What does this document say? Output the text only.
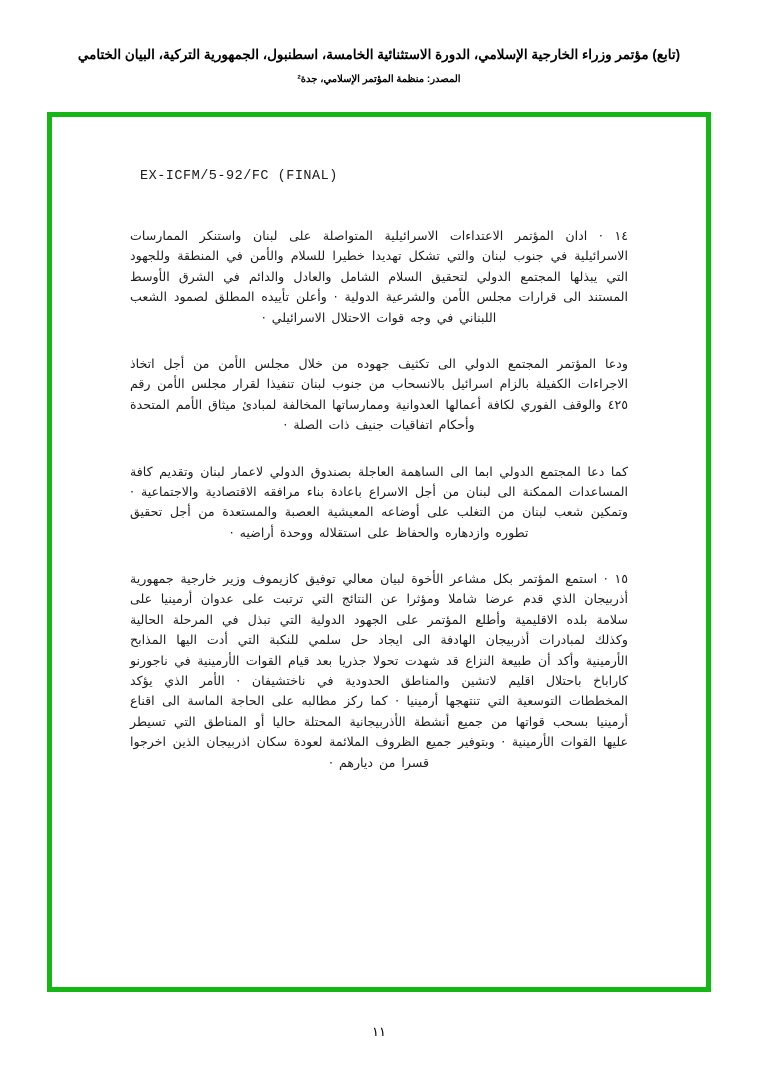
(تابع) مؤتمر وزراء الخارجية الإسلامي، الدورة الاستثنائية الخامسة، اسطنبول، الجمهورية التركية، البيان الختامي
المصدر: منظمة المؤتمر الإسلامي، جدة²
EX-ICFM/5-92/FC (FINAL)

١٤ · ادان المؤتمر الاعتداءات الاسرائيلية المتواصلة على لبنان واستنكر الممارسات الاسرائيلية في جنوب لبنان والتي تشكل تهديدا خطيرا للسلام والأمن في المنطقة وللجهود التي يبذلها المجتمع الدولي لتحقيق السلام الشامل والعادل والدائم في الشرق الأوسط المستند الى قرارات مجلس الأمن والشرعية الدولية · وأعلن تأييده المطلق لصمود الشعب اللبناني في وجه قوات الاحتلال الاسرائيلي ·

ودعا المؤتمر المجتمع الدولي الى تكثيف جهوده من خلال مجلس الأمن من أجل اتخاذ الاجراءات الكفيلة بالزام اسرائيل بالانسحاب من جنوب لبنان تنفيذا لقرار مجلس الأمن رقم ٤٢٥ والوقف الفوري لكافة أعمالها العدوانية وممارساتها المخالفة لمبادئ ميثاق الأمم المتحدة وأحكام اتفاقيات جنيف ذات الصلة ·

كما دعا المجتمع الدولي ابما الى الساهمة العاجلة بصندوق الدولي لاعمار لبنان وتقديم كافة المساعدات الممكنة الى لبنان من أجل الاسراع باعادة بناء مرافقه الاقتصادية والاجتماعية · وتمكين شعب لبنان من التغلب على أوضاعه المعيشية العصبة والمستعدة من أجل تحقيق تطوره وازدهاره والحفاظ على استقلاله ووحدة أراضيه ·

١٥ · استمع المؤتمر بكل مشاعر الأخوة لبيان معالي توفيق كازيموف وزير خارجية جمهورية أذربيجان الذي قدم عرضا شاملا ومؤثرا عن النتائج التي ترتبت على عدوان أرمينيا على سلامة بلده الاقليمية وأطلع المؤتمر على الجهود الدولية التي تبذل في المرحلة الحالية وكذلك لمبادرات أذربيجان الهادفة الى ايجاد حل سلمي للنكبة التي أدت اليها المذابح الأرمينية وأكد أن طبيعة النزاع قد شهدت تحولا جذريا بعد قيام القوات الأرمينية في ناجورنو كاراباخ باحتلال اقليم لاتشين والمناطق الحدودية في ناختشيفان · الأمر الذي يؤكد المخططات التوسعية التي تنتهجها أرمينيا · كما ركز مطالبه على الحاجة الماسة الى اقناع أرمينيا بسحب قواتها من جميع أنشطة الأذربيجانية المحتلة حاليا أو المناطق التي تسيطر عليها القوات الأرمينية · وبتوفير جميع الظروف الملائمة لعودة سكان اذربيجان الذين اخرجوا قسرا من ديارهم ·

١١
